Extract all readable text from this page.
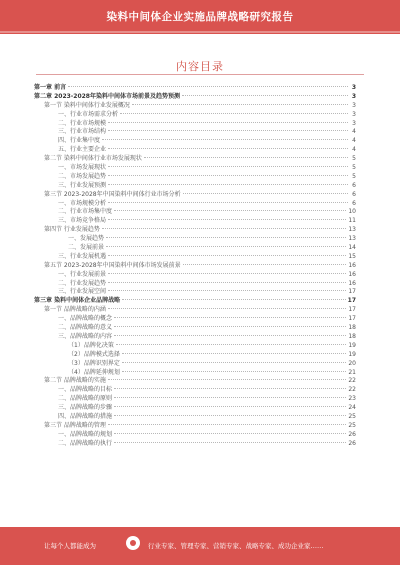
染料中间体企业实施品牌战略研究报告
内容目录
第一章 前言	3
第二章 2023-2028年染料中间体市场前景及趋势预测	3
第一节 染料中间体行业发展概况	3
一、行业市场需求分析	3
二、行业市场规模	3
三、行业市场结构	4
四、行业集中度	4
五、行业主要企业	4
第二节 染料中间体行业市场发展现状	5
一、市场发展现状	5
二、市场发展趋势	5
三、行业发展预测	6
第三节 2023-2028年中国染料中间体行业市场分析	6
一、市场规模分析	6
二、行业市场集中度	10
三、市场竞争格局	11
第四节 行业发展趋势	13
一、发展趋势	13
二、发展前景	14
三、行业发展机遇	15
第五节 2023-2028年中国染料中间体市场发展前景	16
一、行业发展前景	16
二、行业发展趋势	16
三、行业发展空间	17
第三章 染料中间体企业品牌战略	17
第一节 品牌战略的内涵	17
一、品牌战略的概念	17
二、品牌战略的意义	18
三、品牌战略的内容	18
（1）品牌化决策	19
（2）品牌模式选择	19
（3）品牌识别界定	20
（4）品牌延伸规划	21
第二节 品牌战略的实施	22
一、品牌战略的目标	22
二、品牌战略的原则	23
三、品牌战略的步骤	24
四、品牌战略的措施	25
第三节 品牌战略的管理	25
一、品牌战略的规划	26
二、品牌战略的执行	26
让每个人都能成为	行业专家、管理专家、营销专家、战略专家、成功企业家……
